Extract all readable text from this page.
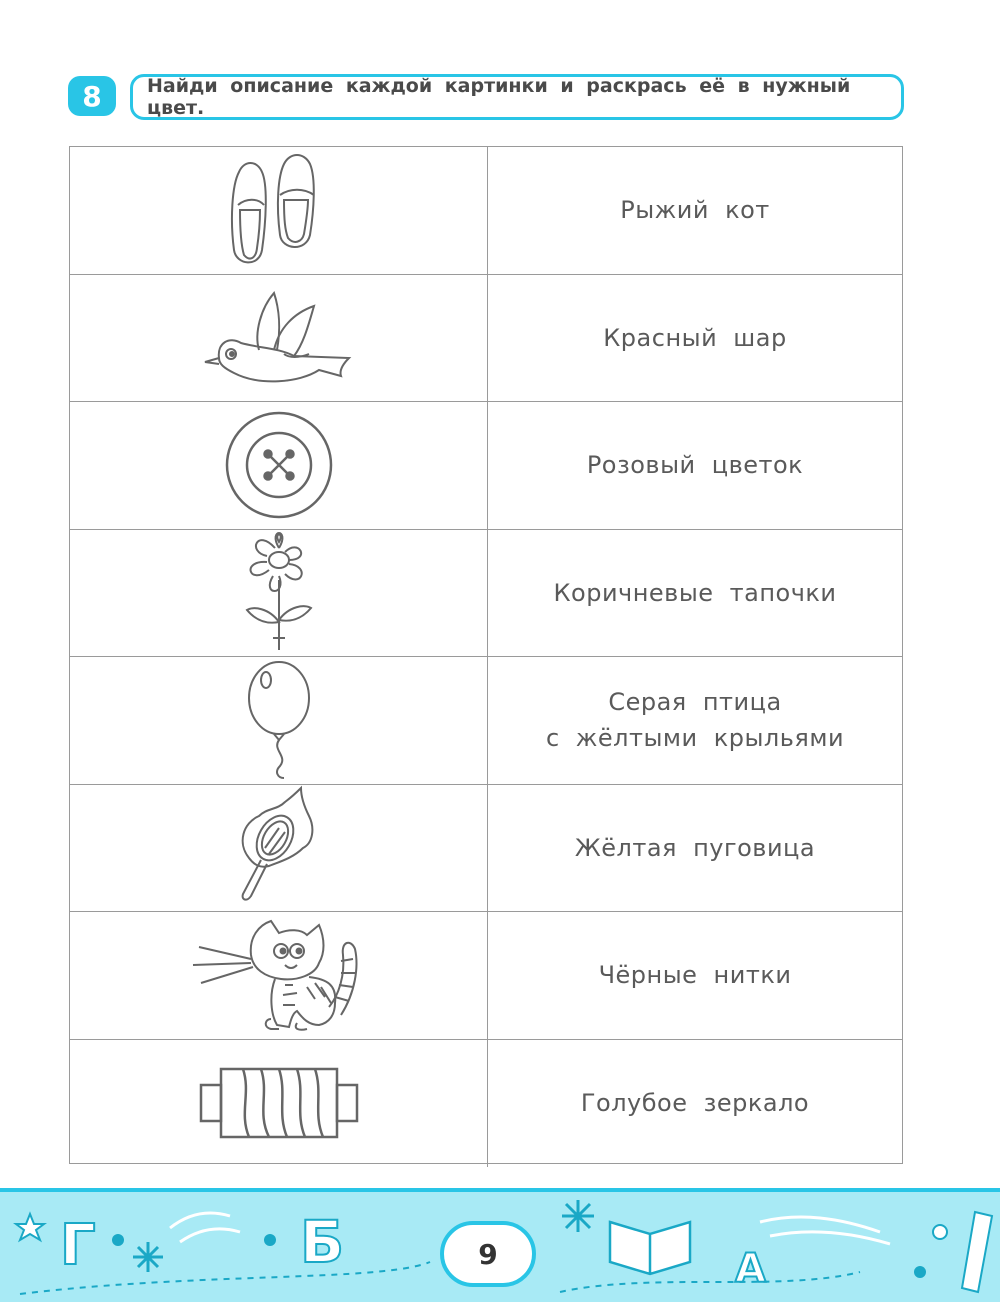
8	Найди описание каждой картинки и раскрась её в нужный цвет.
Рыжий кот
Красный шар
Розовый цветок
Коричневые тапочки
Серая птица
с жёлтыми крыльями
Жёлтая пуговица
Чёрные нитки
Голубое зеркало
Г	Б	А
9
